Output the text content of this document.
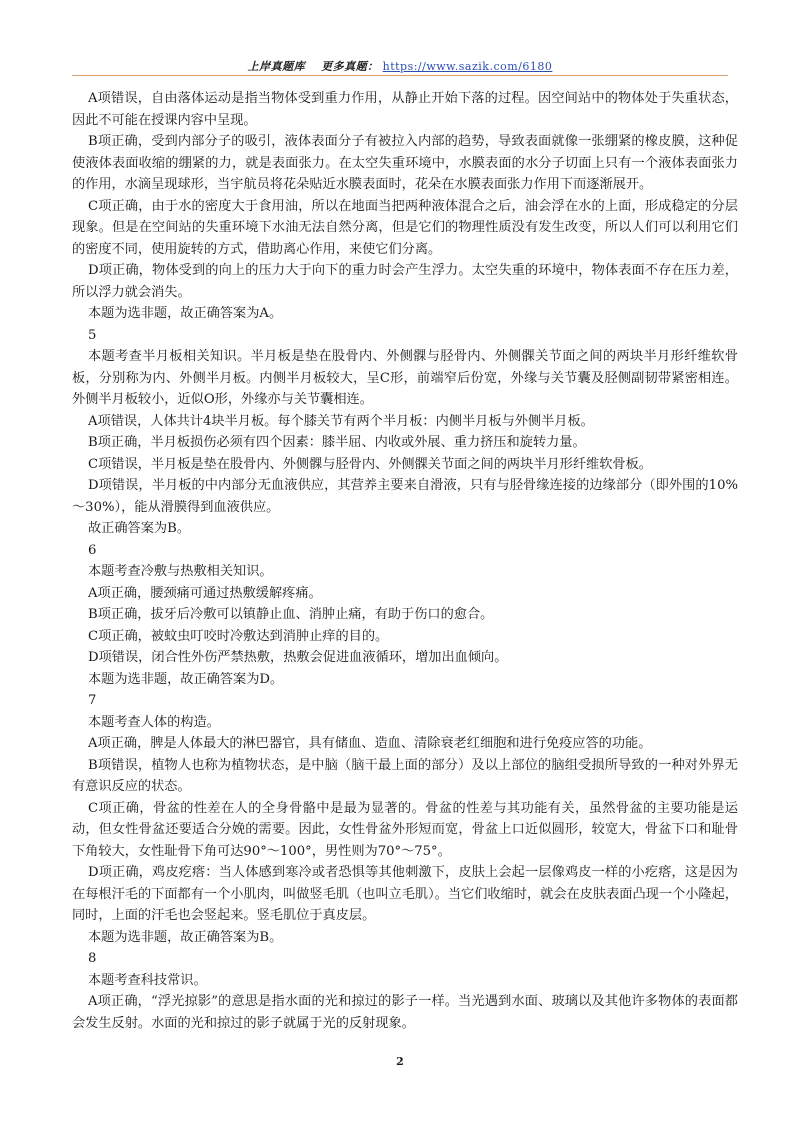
上岸真题库 更多真题： https://www.sazik.com/6180

A项错误，自由落体运动是指当物体受到重力作用，从静止开始下落的过程。因空间站中的物体处于失重状态，因此不可能在授课内容中呈现。

B项正确，受到内部分子的吸引，液体表面分子有被拉入内部的趋势，导致表面就像一张绷紧的橡皮膜，这种促使液体表面收缩的绷紧的力，就是表面张力。在太空失重环境中，水膜表面的水分子切面上只有一个液体表面张力的作用，水滴呈现球形，当宇航员将花朵贴近水膜表面时，花朵在水膜表面张力作用下而逐渐展开。

C项正确，由于水的密度大于食用油，所以在地面当把两种液体混合之后，油会浮在水的上面，形成稳定的分层现象。但是在空间站的失重环境下水油无法自然分离，但是它们的物理性质没有发生改变，所以人们可以利用它们的密度不同，使用旋转的方式，借助离心作用，来使它们分离。

D项正确，物体受到的向上的压力大于向下的重力时会产生浮力。太空失重的环境中，物体表面不存在压力差，所以浮力就会消失。

本题为选非题，故正确答案为A。

5

本题考查半月板相关知识。半月板是垫在股骨内、外侧髁与胫骨内、外侧髁关节面之间的两块半月形纤维软骨板，分别称为内、外侧半月板。内侧半月板较大，呈C形，前端窄后份宽，外缘与关节囊及胫侧副韧带紧密相连。外侧半月板较小，近似O形，外缘亦与关节囊相连。

A项错误，人体共计4块半月板。每个膝关节有两个半月板：内侧半月板与外侧半月板。

B项正确，半月板损伤必须有四个因素：膝半屈、内收或外展、重力挤压和旋转力量。

C项错误，半月板是垫在股骨内、外侧髁与胫骨内、外侧髁关节面之间的两块半月形纤维软骨板。

D项错误，半月板的中内部分无血液供应，其营养主要来自滑液，只有与胫骨缘连接的边缘部分（即外围的10%～30%），能从滑膜得到血液供应。

故正确答案为B。

6

本题考查冷敷与热敷相关知识。

A项正确，腰颈痛可通过热敷缓解疼痛。

B项正确，拔牙后冷敷可以镇静止血、消肿止痛，有助于伤口的愈合。

C项正确，被蚊虫叮咬时冷敷达到消肿止痒的目的。

D项错误，闭合性外伤严禁热敷，热敷会促进血液循环，增加出血倾向。

本题为选非题，故正确答案为D。

7

本题考查人体的构造。

A项正确，脾是人体最大的淋巴器官，具有储血、造血、清除衰老红细胞和进行免疫应答的功能。

B项错误，植物人也称为植物状态，是中脑（脑干最上面的部分）及以上部位的脑组受损所导致的一种对外界无有意识反应的状态。

C项正确，骨盆的性差在人的全身骨骼中是最为显著的。骨盆的性差与其功能有关，虽然骨盆的主要功能是运动，但女性骨盆还要适合分娩的需要。因此，女性骨盆外形短而宽，骨盆上口近似圆形，较宽大，骨盆下口和耻骨下角较大，女性耻骨下角可达90°～100°，男性则为70°～75°。

D项正确，鸡皮疙瘩：当人体感到寒冷或者恐惧等其他刺激下，皮肤上会起一层像鸡皮一样的小疙瘩，这是因为在每根汗毛的下面都有一个小肌肉，叫做竖毛肌（也叫立毛肌）。当它们收缩时，就会在皮肤表面凸现一个小隆起，同时，上面的汗毛也会竖起来。竖毛肌位于真皮层。

本题为选非题，故正确答案为B。

8

本题考查科技常识。

A项正确，“浮光掠影”的意思是指水面的光和掠过的影子一样。当光遇到水面、玻璃以及其他许多物体的表面都会发生反射。水面的光和掠过的影子就属于光的反射现象。

2
